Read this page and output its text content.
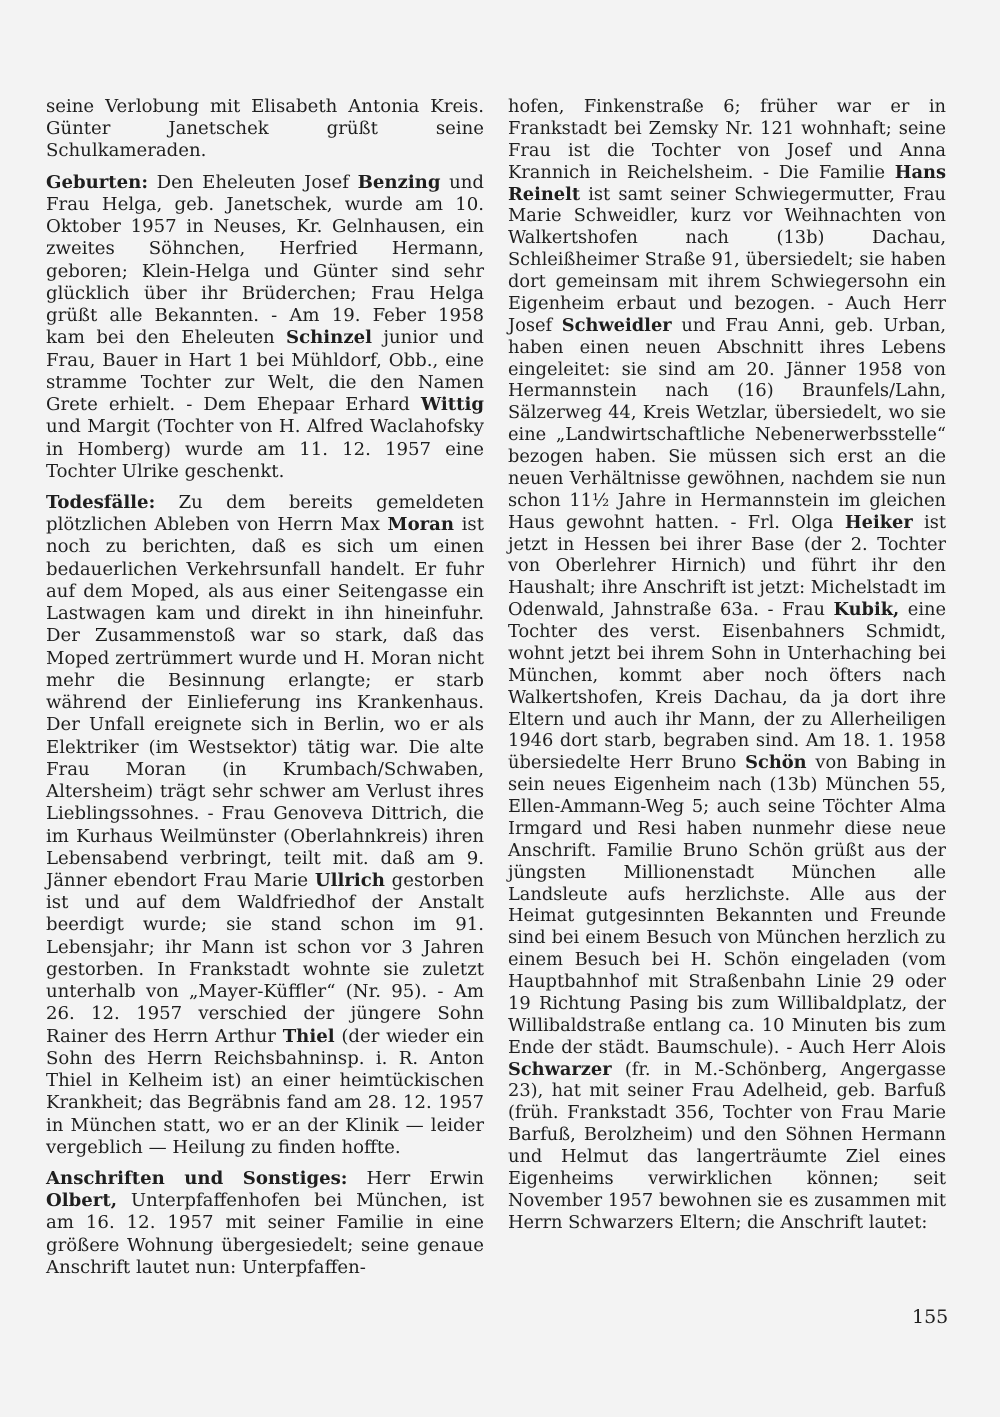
seine Verlobung mit Elisabeth Antonia Kreis. Günter Janetschek grüßt seine Schulkameraden.

Geburten: Den Eheleuten Josef Benzing und Frau Helga, geb. Janetschek, wurde am 10. Oktober 1957 in Neuses, Kr. Gelnhausen, ein zweites Söhnchen, Herfried Hermann, geboren; Klein-Helga und Günter sind sehr glücklich über ihr Brüderchen; Frau Helga grüßt alle Bekannten. - Am 19. Feber 1958 kam bei den Eheleuten Schinzel junior und Frau, Bauer in Hart 1 bei Mühldorf, Obb., eine stramme Tochter zur Welt, die den Namen Grete erhielt. - Dem Ehepaar Erhard Wittig und Margit (Tochter von H. Alfred Waclahofsky in Homberg) wurde am 11. 12. 1957 eine Tochter Ulrike geschenkt.

Todesfälle: Zu dem bereits gemeldeten plötzlichen Ableben von Herrn Max Moran ist noch zu berichten, daß es sich um einen bedauerlichen Verkehrsunfall handelt. Er fuhr auf dem Moped, als aus einer Seitengasse ein Lastwagen kam und direkt in ihn hineinfuhr. Der Zusammenstoß war so stark, daß das Moped zertrümmert wurde und H. Moran nicht mehr die Besinnung erlangte; er starb während der Einlieferung ins Krankenhaus. Der Unfall ereignete sich in Berlin, wo er als Elektriker (im Westsektor) tätig war. Die alte Frau Moran (in Krumbach/Schwaben, Altersheim) trägt sehr schwer am Verlust ihres Lieblingssohnes. - Frau Genoveva Dittrich, die im Kurhaus Weilmünster (Oberlahnkreis) ihren Lebensabend verbringt, teilt mit. daß am 9. Jänner ebendort Frau Marie Ullrich gestorben ist und auf dem Waldfriedhof der Anstalt beerdigt wurde; sie stand schon im 91. Lebensjahr; ihr Mann ist schon vor 3 Jahren gestorben. In Frankstadt wohnte sie zuletzt unterhalb von „Mayer-Küffler“ (Nr. 95). - Am 26. 12. 1957 verschied der jüngere Sohn Rainer des Herrn Arthur Thiel (der wieder ein Sohn des Herrn Reichsbahninsp. i. R. Anton Thiel in Kelheim ist) an einer heimtückischen Krankheit; das Begräbnis fand am 28. 12. 1957 in München statt, wo er an der Klinik — leider vergeblich — Heilung zu finden hoffte.

Anschriften und Sonstiges: Herr Erwin Olbert, Unterpfaffenhofen bei München, ist am 16. 12. 1957 mit seiner Familie in eine größere Wohnung übergesiedelt; seine genaue Anschrift lautet nun: Unterpfaffen-

hofen, Finkenstraße 6; früher war er in Frankstadt bei Zemsky Nr. 121 wohnhaft; seine Frau ist die Tochter von Josef und Anna Krannich in Reichelsheim. - Die Familie Hans Reinelt ist samt seiner Schwiegermutter, Frau Marie Schweidler, kurz vor Weihnachten von Walkertshofen nach (13b) Dachau, Schleißheimer Straße 91, übersiedelt; sie haben dort gemeinsam mit ihrem Schwiegersohn ein Eigenheim erbaut und bezogen. - Auch Herr Josef Schweidler und Frau Anni, geb. Urban, haben einen neuen Abschnitt ihres Lebens eingeleitet: sie sind am 20. Jänner 1958 von Hermannstein nach (16) Braunfels/Lahn, Sälzerweg 44, Kreis Wetzlar, übersiedelt, wo sie eine „Landwirtschaftliche Nebenerwerbsstelle“ bezogen haben. Sie müssen sich erst an die neuen Verhältnisse gewöhnen, nachdem sie nun schon 11½ Jahre in Hermannstein im gleichen Haus gewohnt hatten. - Frl. Olga Heiker ist jetzt in Hessen bei ihrer Base (der 2. Tochter von Oberlehrer Hirnich) und führt ihr den Haushalt; ihre Anschrift ist jetzt: Michelstadt im Odenwald, Jahnstraße 63a. - Frau Kubik, eine Tochter des verst. Eisenbahners Schmidt, wohnt jetzt bei ihrem Sohn in Unterhaching bei München, kommt aber noch öfters nach Walkertshofen, Kreis Dachau, da ja dort ihre Eltern und auch ihr Mann, der zu Allerheiligen 1946 dort starb, begraben sind. Am 18. 1. 1958 übersiedelte Herr Bruno Schön von Babing in sein neues Eigenheim nach (13b) München 55, Ellen-Ammann-Weg 5; auch seine Töchter Alma Irmgard und Resi haben nunmehr diese neue Anschrift. Familie Bruno Schön grüßt aus der jüngsten Millionenstadt München alle Landsleute aufs herzlichste. Alle aus der Heimat gutgesinnten Bekannten und Freunde sind bei einem Besuch von München herzlich zu einem Besuch bei H. Schön eingeladen (vom Hauptbahnhof mit Straßenbahn Linie 29 oder 19 Richtung Pasing bis zum Willibaldplatz, der Willibaldstraße entlang ca. 10 Minuten bis zum Ende der städt. Baumschule). - Auch Herr Alois Schwarzer (fr. in M.-Schönberg, Angergasse 23), hat mit seiner Frau Adelheid, geb. Barfuß (früh. Frankstadt 356, Tochter von Frau Marie Barfuß, Berolzheim) und den Söhnen Hermann und Helmut das langerträumte Ziel eines Eigenheims verwirklichen können; seit November 1957 bewohnen sie es zusammen mit Herrn Schwarzers Eltern; die Anschrift lautet:

155
